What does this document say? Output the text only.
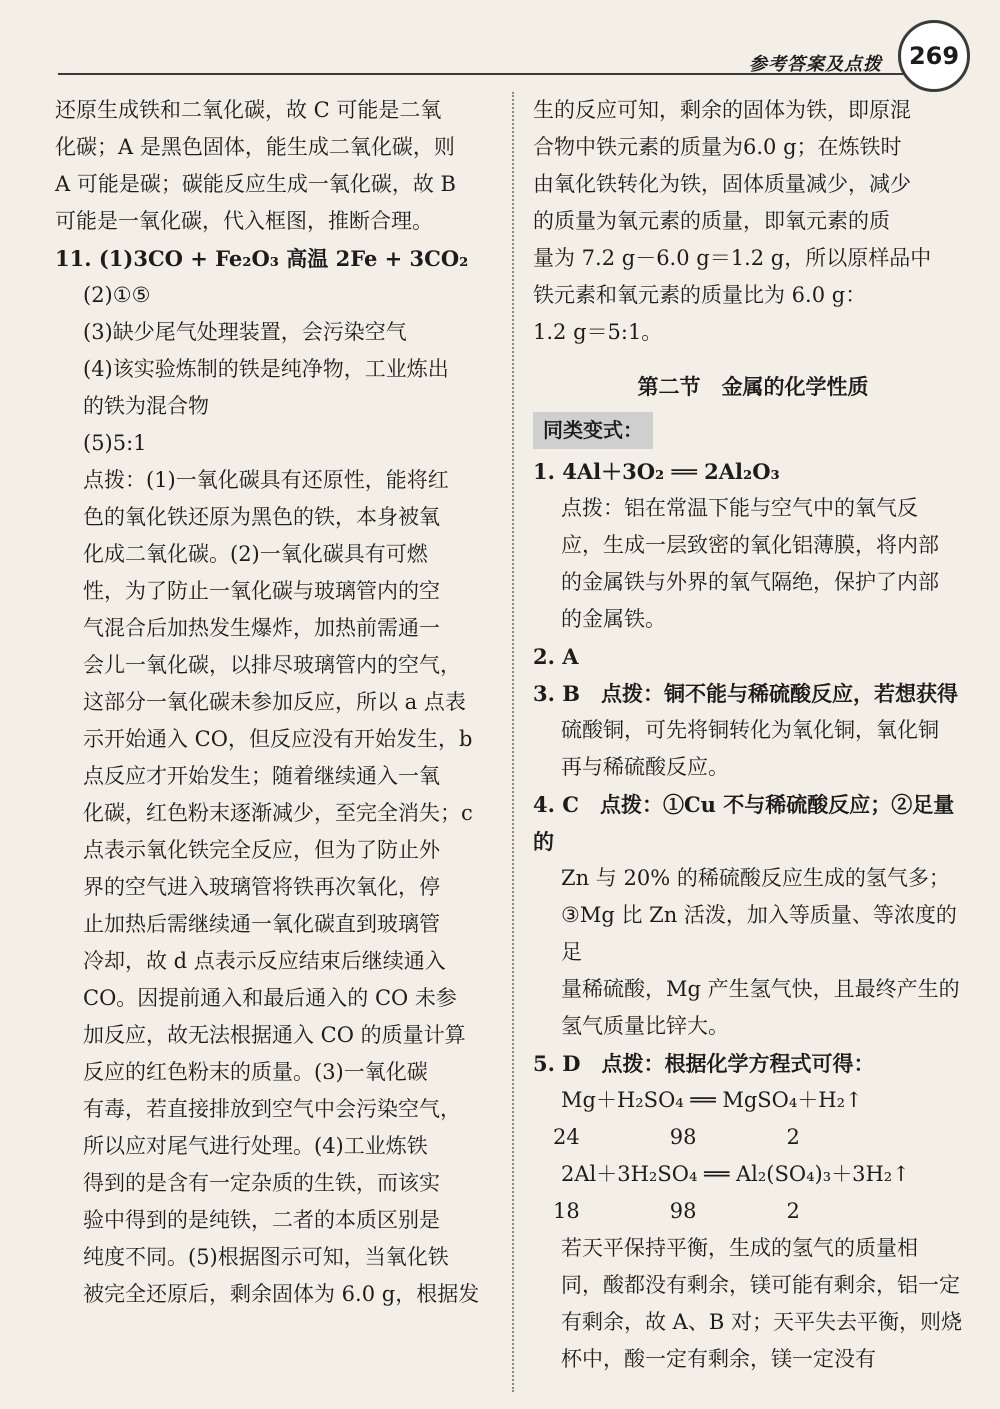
参考答案及点拨	269

还原生成铁和二氧化碳，故 C 可能是二氧

化碳；A 是黑色固体，能生成二氧化碳，则

A 可能是碳；碳能反应生成一氧化碳，故 B

可能是一氧化碳，代入框图，推断合理。

11. (1)3CO + Fe₂O₃ 高温 2Fe + 3CO₂

(2)①⑤

(3)缺少尾气处理装置，会污染空气

(4)该实验炼制的铁是纯净物，工业炼出

的铁为混合物

(5)5:1

点拨：(1)一氧化碳具有还原性，能将红

色的氧化铁还原为黑色的铁，本身被氧

化成二氧化碳。(2)一氧化碳具有可燃

性，为了防止一氧化碳与玻璃管内的空

气混合后加热发生爆炸，加热前需通一

会儿一氧化碳，以排尽玻璃管内的空气，

这部分一氧化碳未参加反应，所以 a 点表

示开始通入 CO，但反应没有开始发生，b

点反应才开始发生；随着继续通入一氧

化碳，红色粉末逐渐减少，至完全消失；c

点表示氧化铁完全反应，但为了防止外

界的空气进入玻璃管将铁再次氧化，停

止加热后需继续通一氧化碳直到玻璃管

冷却，故 d 点表示反应结束后继续通入

CO。因提前通入和最后通入的 CO 未参

加反应，故无法根据通入 CO 的质量计算

反应的红色粉末的质量。(3)一氧化碳

有毒，若直接排放到空气中会污染空气，

所以应对尾气进行处理。(4)工业炼铁

得到的是含有一定杂质的生铁，而该实

验中得到的是纯铁，二者的本质区别是

纯度不同。(5)根据图示可知，当氧化铁

被完全还原后，剩余固体为 6.0 g，根据发

生的反应可知，剩余的固体为铁，即原混

合物中铁元素的质量为6.0 g；在炼铁时

由氧化铁转化为铁，固体质量减少，减少

的质量为氧元素的质量，即氧元素的质

量为 7.2 g－6.0 g＝1.2 g，所以原样品中

铁元素和氧元素的质量比为 6.0 g：

1.2 g＝5:1。

第二节　金属的化学性质

同类变式：

1. 4Al＋3O₂ ══ 2Al₂O₃

点拨：铝在常温下能与空气中的氧气反

应，生成一层致密的氧化铝薄膜，将内部

的金属铁与外界的氧气隔绝，保护了内部

的金属铁。

2. A

3. B　点拨：铜不能与稀硫酸反应，若想获得

硫酸铜，可先将铜转化为氧化铜，氧化铜

再与稀硫酸反应。

4. C　点拨：①Cu 不与稀硫酸反应；②足量的

Zn 与 20% 的稀硫酸反应生成的氢气多；

③Mg 比 Zn 活泼，加入等质量、等浓度的足

量稀硫酸，Mg 产生氢气快，且最终产生的

氢气质量比锌大。

5. D　点拨：根据化学方程式可得：

Mg＋H₂SO₄ ══ MgSO₄＋H₂↑

24	98	2

2Al＋3H₂SO₄ ══ Al₂(SO₄)₃＋3H₂↑

18	98	2

若天平保持平衡，生成的氢气的质量相

同，酸都没有剩余，镁可能有剩余，铝一定

有剩余，故 A、B 对；天平失去平衡，则烧

杯中，酸一定有剩余，镁一定没有
